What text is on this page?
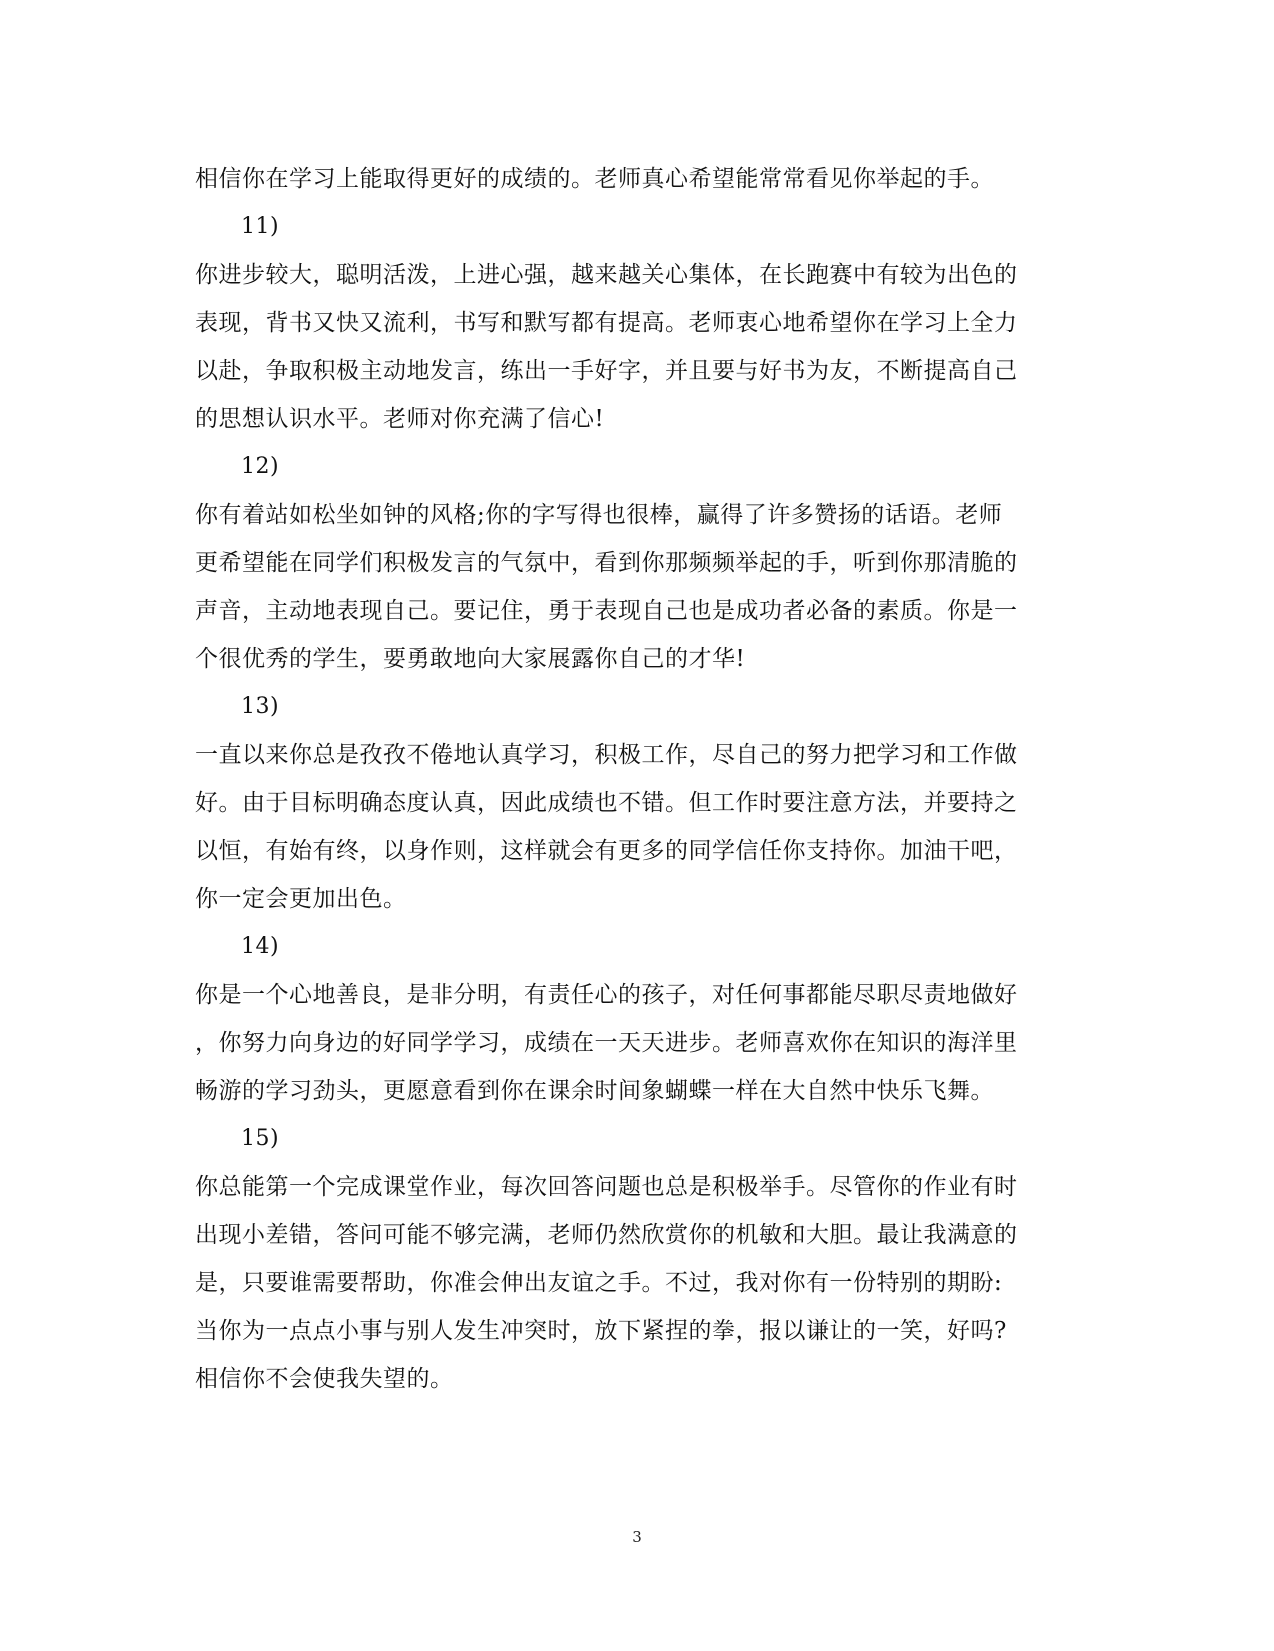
相信你在学习上能取得更好的成绩的。老师真心希望能常常看见你举起的手。
11)
你进步较大，聪明活泼，上进心强，越来越关心集体，在长跑赛中有较为出色的
表现，背书又快又流利，书写和默写都有提高。老师衷心地希望你在学习上全力
以赴，争取积极主动地发言，练出一手好字，并且要与好书为友，不断提高自己
的思想认识水平。老师对你充满了信心!
12)
你有着站如松坐如钟的风格;你的字写得也很棒，赢得了许多赞扬的话语。老师
更希望能在同学们积极发言的气氛中，看到你那频频举起的手，听到你那清脆的
声音，主动地表现自己。要记住，勇于表现自己也是成功者必备的素质。你是一
个很优秀的学生，要勇敢地向大家展露你自己的才华!
13)
一直以来你总是孜孜不倦地认真学习，积极工作，尽自己的努力把学习和工作做
好。由于目标明确态度认真，因此成绩也不错。但工作时要注意方法，并要持之
以恒，有始有终，以身作则，这样就会有更多的同学信任你支持你。加油干吧，
你一定会更加出色。
14)
你是一个心地善良，是非分明，有责任心的孩子，对任何事都能尽职尽责地做好
，你努力向身边的好同学学习，成绩在一天天进步。老师喜欢你在知识的海洋里
畅游的学习劲头，更愿意看到你在课余时间象蝴蝶一样在大自然中快乐飞舞。
15)
你总能第一个完成课堂作业，每次回答问题也总是积极举手。尽管你的作业有时
出现小差错，答问可能不够完满，老师仍然欣赏你的机敏和大胆。最让我满意的
是，只要谁需要帮助，你准会伸出友谊之手。不过，我对你有一份特别的期盼:
当你为一点点小事与别人发生冲突时，放下紧捏的拳，报以谦让的一笑，好吗?
相信你不会使我失望的。
3
